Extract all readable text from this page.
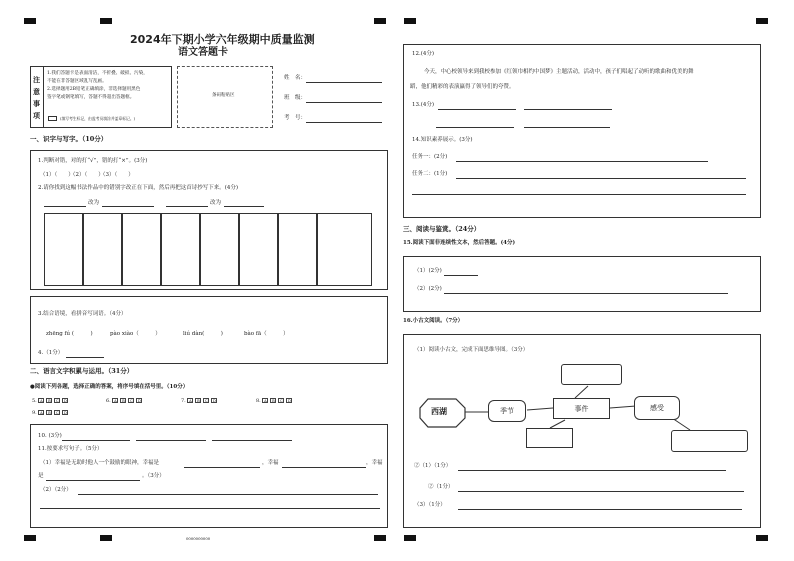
2024年下期小学六年级期中质量监测
语文答题卡
注
意
事
项
1.我们答题卡是表面清洁，不折叠、破损、污染，
不能在非答题区域乱写乱画。
2.选择题用2B铅笔正确填涂，非选择题用黑色
签字笔或钢笔填写，答题不得超出答题框。
(填写考生标记，由监考员填涂并盖章标记。)
条码粘贴区
姓　名：
班　级：
考　号：
一、识字与写字。（10分）
1.判断对错，对的打“√”，错的打“×”。(3分)
（1）（　　）
（2）（　　）
（3）（　　）
2.请你找到这幅书法作品中的错别字改正在下面，然后再把这首诗抄写下来。(4分)
改为	改为
3.结合语境，看拼音写词语。（4分）
zhēng fú (　　　)	pào xiào（　　　）	liú dàn(　　　)	bào fā（　　　）
4.（1分）
二、语言文字积累与运用。（31分）
●阅读下列各题，选择正确的答案，将序号填在括号里。（10分）
5. A B C D	6. A B C D	7. A B C D	8. A B C D
9. A B C D
10. (3分)
11.按要求写句子。（5分）
（1）幸福是无助时他人一个鼓励的眼神，幸福是	，幸福	，幸福
是	。（3分）
（2）（2分）
0000000000
12.(4分)
今天，中心校领导来到我校参加《红领巾相约中国梦》主题活动，活动中，孩子们唱起了动听的歌曲和优美的舞
蹈，他们精彩的表演赢得了领导们的夸赞。
13.(4分)
14.知识素养展示。(3分)
任务一：(2分)
任务二：(1分)
三、阅读与鉴赏。（24分）
15.阅读下面非连续性文本，然后答题。(4分)
（1）(2分)
（2）(2分)
16.小古文阅读。（7分）
（1）阅读小古文，完成下面思维导图。（3分）
西湖	季节	事件	感受
②（1）（1分）
②（1分）
（3）（1分）
